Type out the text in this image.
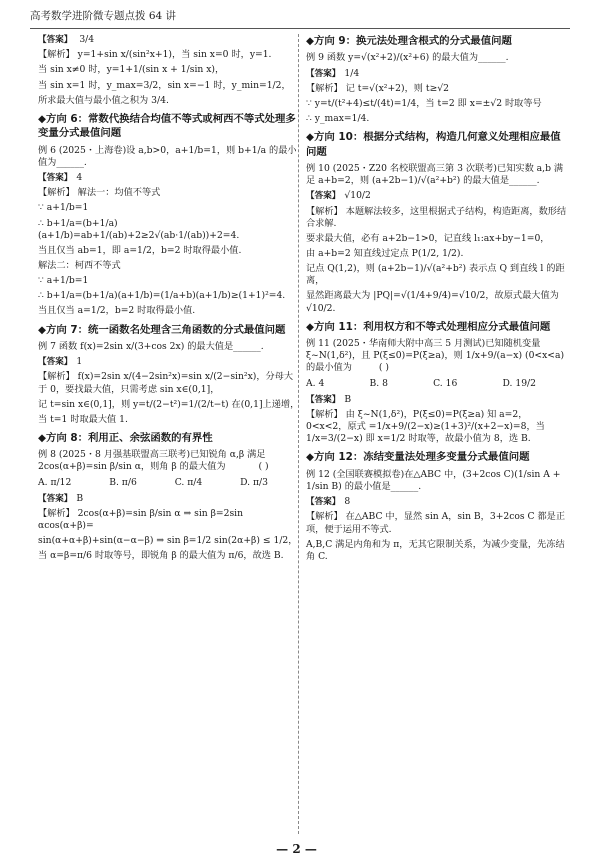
高考数学进阶微专题点拨 64 讲

【答案】 3/4

【解析】 y=1+sin x/(sin²x+1)，当 sin x=0 时，y=1.

当 sin x≠0 时，y=1+1/(sin x + 1/sin x)，

当 sin x=1 时，y_max=3/2，sin x=−1 时，y_min=1/2，

所求最大值与最小值之积为 3/4.

◆方向 6：常数代换结合均值不等式或柯西不等式处理多变量分式最值问题

例 6 (2025・上海卷)设 a,b>0，a+1/b=1，则 b+1/a 的最小值为______.

【答案】 4

【解析】 解法一：均值不等式

∵ a+1/b=1

∴ b+1/a=(b+1/a)(a+1/b)=ab+1/(ab)+2≥2√(ab·1/(ab))+2=4.

当且仅当 ab=1，即 a=1/2，b=2 时取得最小值.

解法二：柯西不等式

∵ a+1/b=1

∴ b+1/a=(b+1/a)(a+1/b)=(1/a+b)(a+1/b)≥(1+1)²=4.

当且仅当 a=1/2，b=2 时取得最小值.

◆方向 7：统一函数名处理含三角函数的分式最值问题

例 7 函数 f(x)=2sin x/(3+cos 2x) 的最大值是______.

【答案】 1

【解析】 f(x)=2sin x/(4−2sin²x)=sin x/(2−sin²x)，分母大于 0，要找最大值，只需考虑 sin x∈(0,1]，

记 t=sin x∈(0,1]，则 y=t/(2−t²)=1/(2/t−t) 在(0,1]上递增，

当 t=1 时取最大值 1.

◆方向 8：利用正、余弦函数的有界性

例 8 (2025・8 月强基联盟高三联考)已知锐角 α,β 满足 2cos(α+β)=sin β/sin α，则角 β 的最大值为	( )

A. π/12	B. π/6	C. π/4	D. π/3

【答案】 B

【解析】 2cos(α+β)=sin β/sin α ⇒ sin β=2sin αcos(α+β)=

sin(α+α+β)+sin(α−α−β) ⇒ sin β=1/2 sin(2α+β) ≤ 1/2，

当 α=β=π/6 时取等号，即锐角 β 的最大值为 π/6，故选 B.

◆方向 9：换元法处理含根式的分式最值问题

例 9 函数 y=√(x²+2)/(x²+6) 的最大值为______.

【答案】 1/4

【解析】 记 t=√(x²+2)，则 t≥√2

∵ y=t/(t²+4)≤t/(4t)=1/4，当 t=2 即 x=±√2 时取等号

∴ y_max=1/4.

◆方向 10：根据分式结构，构造几何意义处理相应最值问题

例 10 (2025・Z20 名校联盟高三第 3 次联考)已知实数 a,b 满足 a+b=2，则 (a+2b−1)/√(a²+b²) 的最大值是______.

【答案】 √10/2

【解析】 本题解法较多，这里根据式子结构，构造距离，数形结合求解.

要求最大值，必有 a+2b−1>0，记直线 l₁:ax+by−1=0，

由 a+b=2 知直线过定点 P(1/2, 1/2).

记点 Q(1,2)，则 (a+2b−1)/√(a²+b²) 表示点 Q 到直线 l 的距离，

显然距离最大为 |PQ|=√(1/4+9/4)=√10/2，故原式最大值为 √10/2.

◆方向 11：利用权方和不等式处理相应分式最值问题

例 11 (2025・华南师大附中高三 5 月测试)已知随机变量 ξ~N(1,δ²)，且 P(ξ≤0)=P(ξ≥a)，则 1/x+9/(a−x) (0<x<a) 的最小值为	( )

A. 4	B. 8	C. 16	D. 19/2

【答案】 B

【解析】 由 ξ~N(1,δ²)，P(ξ≤0)=P(ξ≥a) 知 a=2，0<x<2，原式 =1/x+9/(2−x)≥(1+3)²/(x+2−x)=8，当 1/x=3/(2−x) 即 x=1/2 时取等，故最小值为 8，选 B.

◆方向 12：冻结变量法处理多变量分式最值问题

例 12 (全国联赛模拟卷)在△ABC 中，(3+2cos C)(1/sin A + 1/sin B) 的最小值是______.

【答案】 8

【解析】 在△ABC 中，显然 sin A，sin B，3+2cos C 都是正项，便于运用不等式.

A,B,C 满足内角和为 π，无其它限制关系，为减少变量，先冻结角 C.

— 2 —
